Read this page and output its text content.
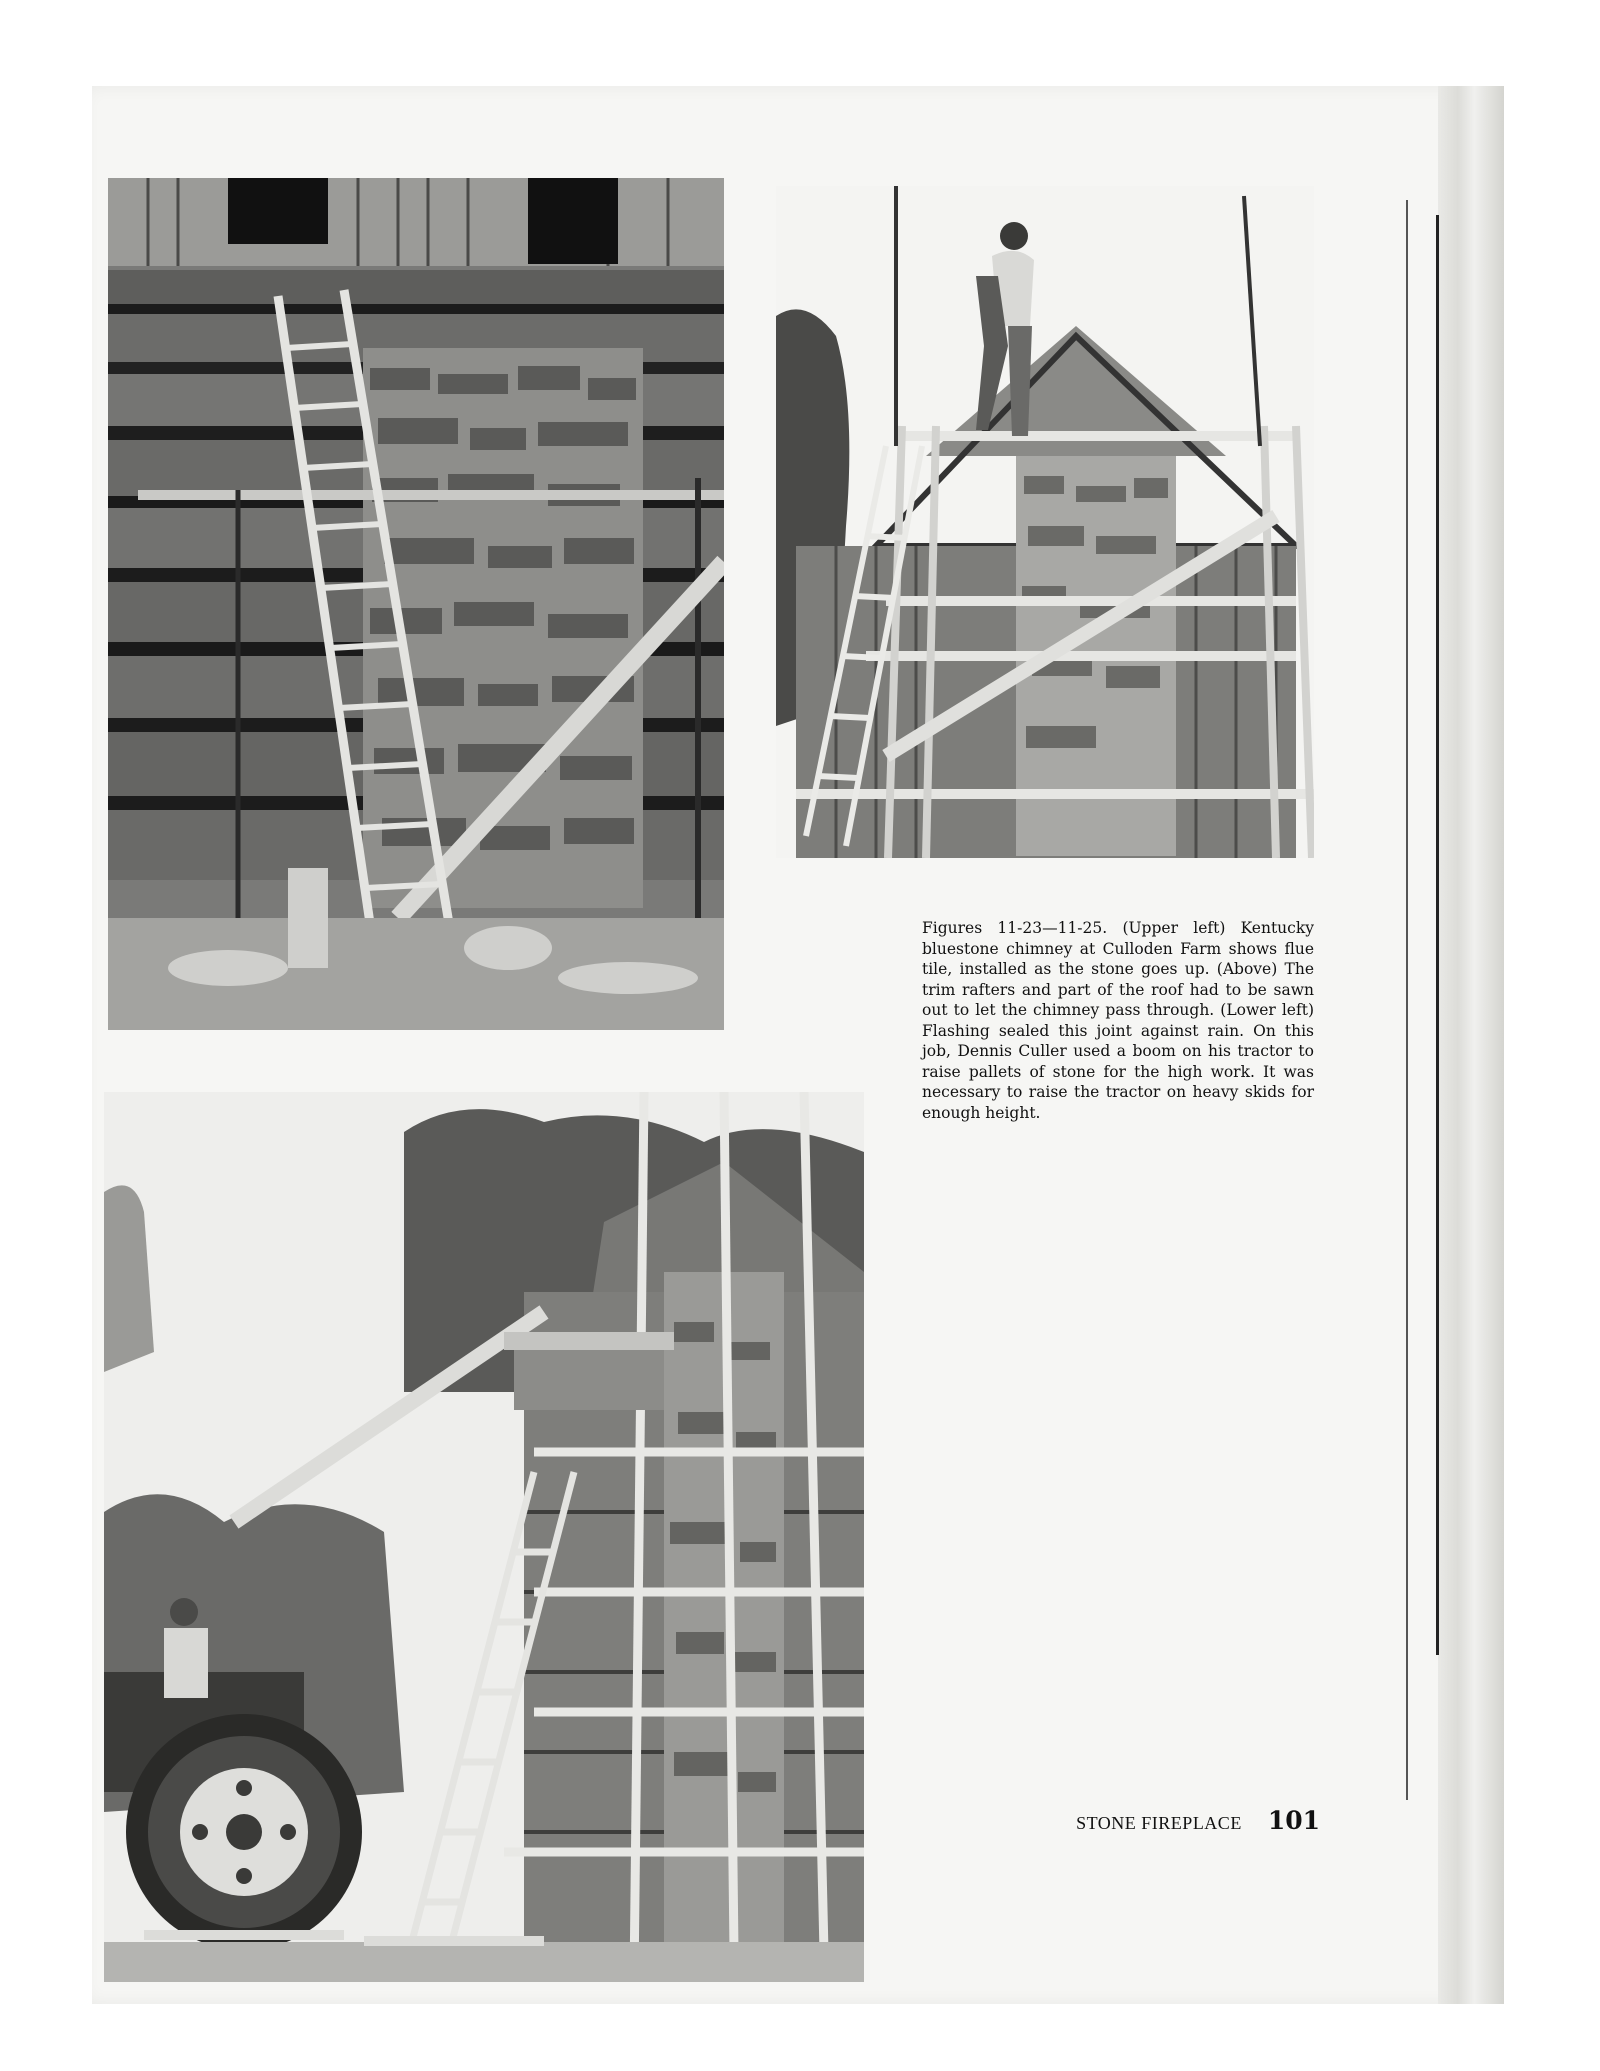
Figures 11-23—11-25. (Upper left) Kentucky bluestone chimney at Culloden Farm shows flue tile, installed as the stone goes up. (Above) The trim rafters and part of the roof had to be sawn out to let the chimney pass through. (Lower left) Flashing sealed this joint against rain. On this job, Dennis Culler used a boom on his tractor to raise pallets of stone for the high work. It was necessary to raise the tractor on heavy skids for enough height.

STONE FIREPLACE 101
